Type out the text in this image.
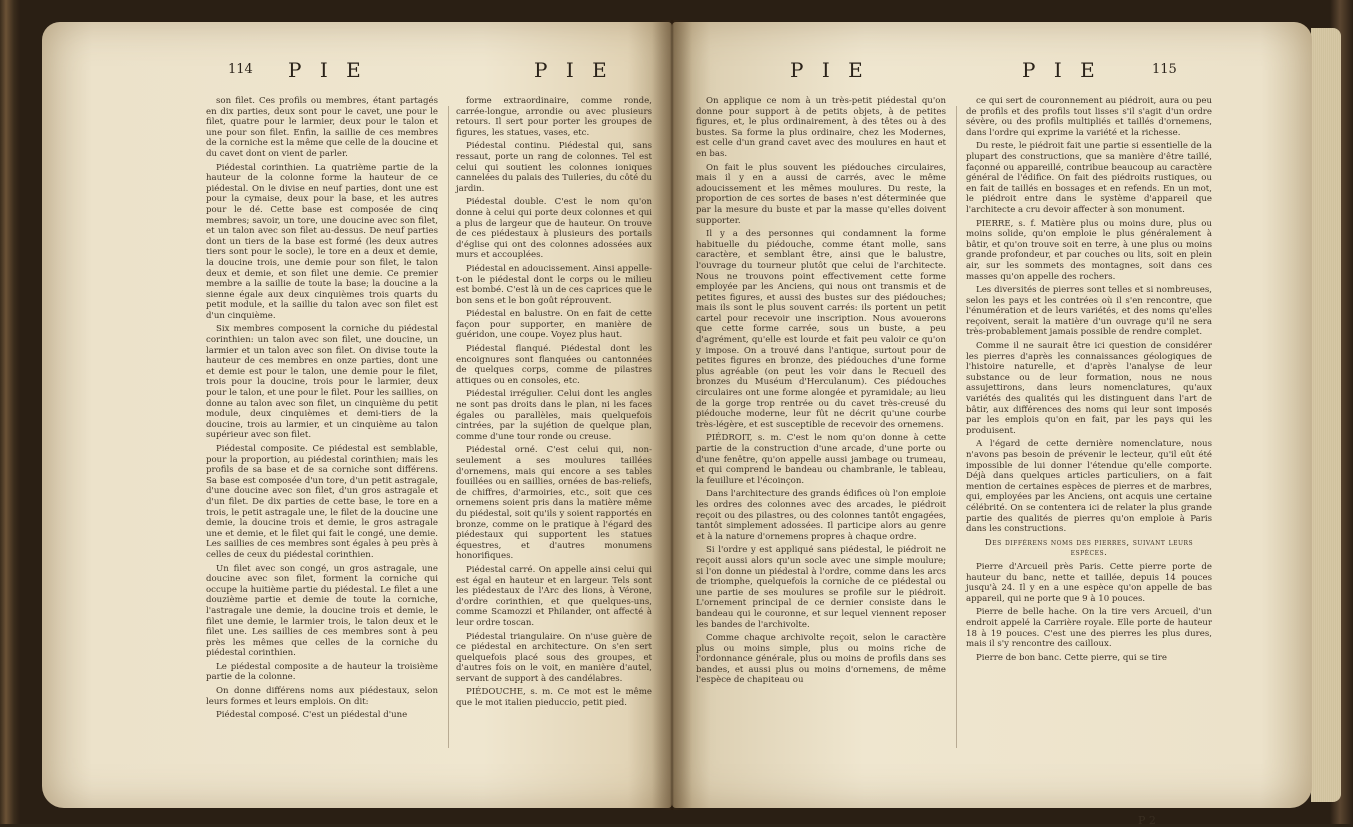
114 P I E	P I E

son filet. Ces profils ou membres, étant partagés en dix parties, deux sont pour le cavet, une pour le filet, quatre pour le larmier, deux pour le talon et une pour son filet. Enfin, la saillie de ces membres de la corniche est la même que celle de la doucine et du cavet dont on vient de parler.

Piédestal corinthien. La quatrième partie de la hauteur de la colonne forme la hauteur de ce piédestal. On le divise en neuf parties, dont une est pour la cymaise, deux pour la base, et les autres pour le dé. Cette base est composée de cinq membres; savoir, un tore, une doucine avec son filet, et un talon avec son filet au-dessus. De neuf parties dont un tiers de la base est formé (les deux autres tiers sont pour le socle), le tore en a deux et demie, la doucine trois, une demie pour son filet, le talon deux et demie, et son filet une demie. Ce premier membre a la saillie de toute la base; la doucine a la sienne égale aux deux cinquièmes trois quarts du petit module, et la saillie du talon avec son filet est d'un cinquième.

Six membres composent la corniche du piédestal corinthien: un talon avec son filet, une doucine, un larmier et un talon avec son filet. On divise toute la hauteur de ces membres en onze parties, dont une et demie est pour le talon, une demie pour le filet, trois pour la doucine, trois pour le larmier, deux pour le talon, et une pour le filet. Pour les saillies, on donne au talon avec son filet, un cinquième du petit module, deux cinquièmes et demi-tiers de la doucine, trois au larmier, et un cinquième au talon supérieur avec son filet.

Piédestal composite. Ce piédestal est semblable, pour la proportion, au piédestal corinthien; mais les profils de sa base et de sa corniche sont différens. Sa base est composée d'un tore, d'un petit astragale, d'une doucine avec son filet, d'un gros astragale et d'un filet. De dix parties de cette base, le tore en a trois, le petit astragale une, le filet de la doucine une demie, la doucine trois et demie, le gros astragale une et demie, et le filet qui fait le congé, une demie. Les saillies de ces membres sont égales à peu près à celles de ceux du piédestal corinthien.

Un filet avec son congé, un gros astragale, une doucine avec son filet, forment la corniche qui occupe la huitième partie du piédestal. Le filet a une douzième partie et demie de toute la corniche, l'astragale une demie, la doucine trois et demie, le filet une demie, le larmier trois, le talon deux et le filet une. Les saillies de ces membres sont à peu près les mêmes que celles de la corniche du piédestal corinthien.

Le piédestal composite a de hauteur la troisième partie de la colonne.

On donne différens noms aux piédestaux, selon leurs formes et leurs emplois. On dit:

Piédestal composé. C'est un piédestal d'une

forme extraordinaire, comme ronde, carrée-longue, arrondie ou avec plusieurs retours. Il sert pour porter les groupes de figures, les statues, vases, etc.

Piédestal continu. Piédestal qui, sans ressaut, porte un rang de colonnes. Tel est celui qui soutient les colonnes ioniques cannelées du palais des Tuileries, du côté du jardin.

Piédestal double. C'est le nom qu'on donne à celui qui porte deux colonnes et qui a plus de largeur que de hauteur. On trouve de ces piédestaux à plusieurs des portails d'église qui ont des colonnes adossées aux murs et accouplées.

Piédestal en adoucissement. Ainsi appelle-t-on le piédestal dont le corps ou le milieu est bombé. C'est là un de ces caprices que le bon sens et le bon goût réprouvent.

Piédestal en balustre. On en fait de cette façon pour supporter, en manière de guéridon, une coupe. Voyez plus haut.

Piédestal flanqué. Piédestal dont les encoignures sont flanquées ou cantonnées de quelques corps, comme de pilastres attiques ou en consoles, etc.

Piédestal irrégulier. Celui dont les angles ne sont pas droits dans le plan, ni les faces égales ou parallèles, mais quelquefois cintrées, par la sujétion de quelque plan, comme d'une tour ronde ou creuse.

Piédestal orné. C'est celui qui, non-seulement a ses moulures taillées d'ornemens, mais qui encore a ses tables fouillées ou en saillies, ornées de bas-reliefs, de chiffres, d'armoiries, etc., soit que ces ornemens soient pris dans la matière même du piédestal, soit qu'ils y soient rapportés en bronze, comme on le pratique à l'égard des piédestaux qui supportent les statues équestres, et d'autres monumens honorifiques.

Piédestal carré. On appelle ainsi celui qui est égal en hauteur et en largeur. Tels sont les piédestaux de l'Arc des lions, à Vérone, d'ordre corinthien, et que quelques-uns, comme Scamozzi et Philander, ont affecté à leur ordre toscan.

Piédestal triangulaire. On n'use guère de ce piédestal en architecture. On s'en sert quelquefois placé sous des groupes, et d'autres fois on le voit, en manière d'autel, servant de support à des candélabres.

PIÉDOUCHE, s. m. Ce mot est le même que le mot italien pieduccio, petit pied.

P I E	P I E	115

On applique ce nom à un très-petit piédestal qu'on donne pour support à de petits objets, à de petites figures, et, le plus ordinairement, à des têtes ou à des bustes. Sa forme la plus ordinaire, chez les Modernes, est celle d'un grand cavet avec des moulures en haut et en bas.

On fait le plus souvent les piédouches circulaires, mais il y en a aussi de carrés, avec le même adoucissement et les mêmes moulures. Du reste, la proportion de ces sortes de bases n'est déterminée que par la mesure du buste et par la masse qu'elles doivent supporter.

Il y a des personnes qui condamnent la forme habituelle du piédouche, comme étant molle, sans caractère, et semblant être, ainsi que le balustre, l'ouvrage du tourneur plutôt que celui de l'architecte. Nous ne trouvons point effectivement cette forme employée par les Anciens, qui nous ont transmis et de petites figures, et aussi des bustes sur des piédouches; mais ils sont le plus souvent carrés: ils portent un petit cartel pour recevoir une inscription. Nous avouerons que cette forme carrée, sous un buste, a peu d'agrément, qu'elle est lourde et fait peu valoir ce qu'on y impose. On a trouvé dans l'antique, surtout pour de petites figures en bronze, des piédouches d'une forme plus agréable (on peut les voir dans le Recueil des bronzes du Muséum d'Herculanum). Ces piédouches circulaires ont une forme alongée et pyramidale; au lieu de la gorge trop rentrée ou du cavet très-creusé du piédouche moderne, leur fût ne décrit qu'une courbe très-légère, et est susceptible de recevoir des ornemens.

PIÉDROIT, s. m. C'est le nom qu'on donne à cette partie de la construction d'une arcade, d'une porte ou d'une fenêtre, qu'on appelle aussi jambage ou trumeau, et qui comprend le bandeau ou chambranle, le tableau, la feuillure et l'écoinçon.

Dans l'architecture des grands édifices où l'on emploie les ordres des colonnes avec des arcades, le piédroit reçoit ou des pilastres, ou des colonnes tantôt engagées, tantôt simplement adossées. Il participe alors au genre et à la nature d'ornemens propres à chaque ordre.

Si l'ordre y est appliqué sans piédestal, le piédroit ne reçoit aussi alors qu'un socle avec une simple moulure; si l'on donne un piédestal à l'ordre, comme dans les arcs de triomphe, quelquefois la corniche de ce piédestal ou une partie de ses moulures se profile sur le piédroit. L'ornement principal de ce dernier consiste dans le bandeau qui le couronne, et sur lequel viennent reposer les bandes de l'archivolte.

Comme chaque archivolte reçoit, selon le caractère plus ou moins simple, plus ou moins riche de l'ordonnance générale, plus ou moins de profils dans ses bandes, et aussi plus ou moins d'ornemens, de même l'espèce de chapiteau ou

ce qui sert de couronnement au piédroit, aura ou peu de profils et des profils tout lisses s'il s'agit d'un ordre sévère, ou des profils multipliés et taillés d'ornemens, dans l'ordre qui exprime la variété et la richesse.

Du reste, le piédroit fait une partie si essentielle de la plupart des constructions, que sa manière d'être taillé, façonné ou appareillé, contribue beaucoup au caractère général de l'édifice. On fait des piédroits rustiques, ou en fait de taillés en bossages et en refends. En un mot, le piédroit entre dans le système d'appareil que l'architecte a cru devoir affecter à son monument.

PIERRE, s. f. Matière plus ou moins dure, plus ou moins solide, qu'on emploie le plus généralement à bâtir, et qu'on trouve soit en terre, à une plus ou moins grande profondeur, et par couches ou lits, soit en plein air, sur les sommets des montagnes, soit dans ces masses qu'on appelle des rochers.

Les diversités de pierres sont telles et si nombreuses, selon les pays et les contrées où il s'en rencontre, que l'énumération et de leurs variétés, et des noms qu'elles reçoivent, serait la matière d'un ouvrage qu'il ne sera très-probablement jamais possible de rendre complet.

Comme il ne saurait être ici question de considérer les pierres d'après les connaissances géologiques de l'histoire naturelle, et d'après l'analyse de leur substance ou de leur formation, nous ne nous assujettirons, dans leurs nomenclatures, qu'aux variétés des qualités qui les distinguent dans l'art de bâtir, aux différences des noms qui leur sont imposés par les emplois qu'on en fait, par les pays qui les produisent.

A l'égard de cette dernière nomenclature, nous n'avons pas besoin de prévenir le lecteur, qu'il eût été impossible de lui donner l'étendue qu'elle comporte. Déjà dans quelques articles particuliers, on a fait mention de certaines espèces de pierres et de marbres, qui, employées par les Anciens, ont acquis une certaine célébrité. On se contentera ici de relater la plus grande partie des qualités de pierres qu'on emploie à Paris dans les constructions.

Des différens noms des pierres, suivant leurs espèces.

Pierre d'Arcueil près Paris. Cette pierre porte de hauteur du banc, nette et taillée, depuis 14 pouces jusqu'à 24. Il y en a une espèce qu'on appelle de bas appareil, qui ne porte que 9 à 10 pouces.

Pierre de belle hache. On la tire vers Arcueil, d'un endroit appelé la Carrière royale. Elle porte de hauteur 18 à 19 pouces. C'est une des pierres les plus dures, mais il s'y rencontre des cailloux.

Pierre de bon banc. Cette pierre, qui se tire

P 2
